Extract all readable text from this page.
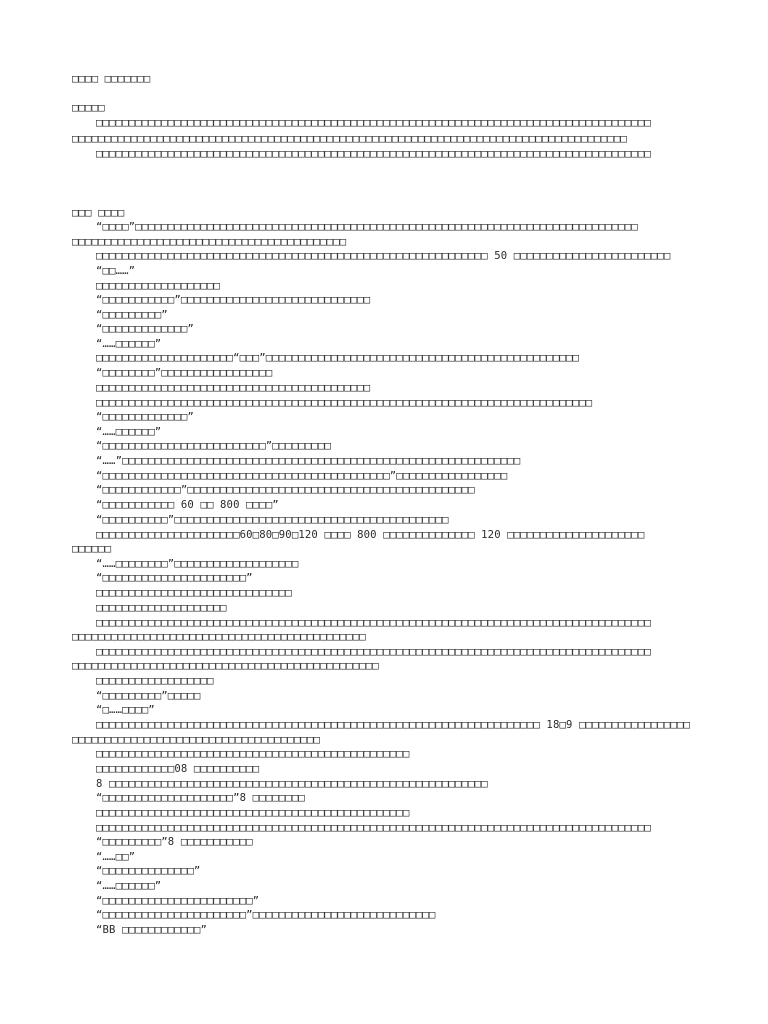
□□□□ □□□□□□□
□□□□□
□□□□□□□□□□□□□□□□□□□□□□□□□□□□□□□□□□□□□□□□□□□□□□□□□□□□□□□□□□□□□□□□□□□□□□□□□□□□□□□□□□□□□
□□□□□□□□□□□□□□□□□□□□□□□□□□□□□□□□□□□□□□□□□□□□□□□□□□□□□□□□□□□□□□□□□□□□□□□□□□□□□□□□□□□□□
□□□□□□□□□□□□□□□□□□□□□□□□□□□□□□□□□□□□□□□□□□□□□□□□□□□□□□□□□□□□□□□□□□□□□□□□□□□□□□□□□□□□□
□□□ □□□□
“□□□□”□□□□□□□□□□□□□□□□□□□□□□□□□□□□□□□□□□□□□□□□□□□□□□□□□□□□□□□□□□□□□□□□□□□□□□□□□□□□□
□□□□□□□□□□□□□□□□□□□□□□□□□□□□□□□□□□□□□□□□□□
□□□□□□□□□□□□□□□□□□□□□□□□□□□□□□□□□□□□□□□□□□□□□□□□□□□□□□□□□□□□ 50 □□□□□□□□□□□□□□□□□□□□□□□□
“□□……”
□□□□□□□□□□□□□□□□□□□
“□□□□□□□□□□□”□□□□□□□□□□□□□□□□□□□□□□□□□□□□□
“□□□□□□□□□”
“□□□□□□□□□□□□□”
“……□□□□□□”
□□□□□□□□□□□□□□□□□□□□□“□□□”□□□□□□□□□□□□□□□□□□□□□□□□□□□□□□□□□□□□□□□□□□□□□□□□
“□□□□□□□□”□□□□□□□□□□□□□□□□□
□□□□□□□□□□□□□□□□□□□□□□□□□□□□□□□□□□□□□□□□□□
□□□□□□□□□□□□□□□□□□□□□□□□□□□□□□□□□□□□□□□□□□□□□□□□□□□□□□□□□□□□□□□□□□□□□□□□□□□□
“□□□□□□□□□□□□□”
“……□□□□□□”
“□□□□□□□□□□□□□□□□□□□□□□□□□”□□□□□□□□□
“……”□□□□□□□□□□□□□□□□□□□□□□□□□□□□□□□□□□□□□□□□□□□□□□□□□□□□□□□□□□□□□
“□□□□□□□□□□□□□□□□□□□□□□□□□□□□□□□□□□□□□□□□□□□□”□□□□□□□□□□□□□□□□□
“□□□□□□□□□□□□”□□□□□□□□□□□□□□□□□□□□□□□□□□□□□□□□□□□□□□□□□□□□
“□□□□□□□□□□□ 60 □□ 800 □□□□”
“□□□□□□□□□□”□□□□□□□□□□□□□□□□□□□□□□□□□□□□□□□□□□□□□□□□□□
□□□□□□□□□□□□□□□□□□□□□□60□80□90□120 □□□□ 800 □□□□□□□□□□□□□□ 120 □□□□□□□□□□□□□□□□□□□□□
□□□□□□
“……□□□□□□□□”□□□□□□□□□□□□□□□□□□□
“□□□□□□□□□□□□□□□□□□□□□□”
□□□□□□□□□□□□□□□□□□□□□□□□□□□□□□
□□□□□□□□□□□□□□□□□□□□
□□□□□□□□□□□□□□□□□□□□□□□□□□□□□□□□□□□□□□□□□□□□□□□□□□□□□□□□□□□□□□□□□□□□□□□□□□□□□□□□□□□□□
□□□□□□□□□□□□□□□□□□□□□□□□□□□□□□□□□□□□□□□□□□□□□
□□□□□□□□□□□□□□□□□□□□□□□□□□□□□□□□□□□□□□□□□□□□□□□□□□□□□□□□□□□□□□□□□□□□□□□□□□□□□□□□□□□□□
□□□□□□□□□□□□□□□□□□□□□□□□□□□□□□□□□□□□□□□□□□□□□□□
□□□□□□□□□□□□□□□□□□
“□□□□□□□□□”□□□□□
“□……□□□□”
□□□□□□□□□□□□□□□□□□□□□□□□□□□□□□□□□□□□□□□□□□□□□□□□□□□□□□□□□□□□□□□□□□□□ 18□9 □□□□□□□□□□□□□□□□□
□□□□□□□□□□□□□□□□□□□□□□□□□□□□□□□□□□□□□□
□□□□□□□□□□□□□□□□□□□□□□□□□□□□□□□□□□□□□□□□□□□□□□□□
□□□□□□□□□□□□08 □□□□□□□□□□
8 □□□□□□□□□□□□□□□□□□□□□□□□□□□□□□□□□□□□□□□□□□□□□□□□□□□□□□□□□□
“□□□□□□□□□□□□□□□□□□□□”8 □□□□□□□□
□□□□□□□□□□□□□□□□□□□□□□□□□□□□□□□□□□□□□□□□□□□□□□□□
□□□□□□□□□□□□□□□□□□□□□□□□□□□□□□□□□□□□□□□□□□□□□□□□□□□□□□□□□□□□□□□□□□□□□□□□□□□□□□□□□□□□□
“□□□□□□□□□”8 □□□□□□□□□□□
“……□□”
“□□□□□□□□□□□□□□”
“……□□□□□□”
“□□□□□□□□□□□□□□□□□□□□□□□”
“□□□□□□□□□□□□□□□□□□□□□□”□□□□□□□□□□□□□□□□□□□□□□□□□□□□
“BB □□□□□□□□□□□□”
